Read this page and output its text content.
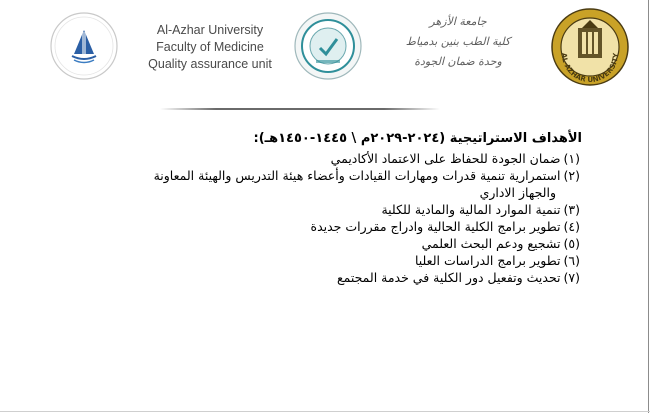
Al-Azhar University
Faculty of Medicine
Quality assurance unit
جامعة الأزهر
كلية الطب بنين بدمياط
وحدة ضمان الجودة	AL-AZHAR UNIVERSITY
الأهداف الاستراتيجية (٢٠٢٤-٢٠٢٩م \ ١٤٤٥-١٤٥٠هـ):
(١)ضمان الجودة للحفاظ على الاعتماد الأكاديمي
(٢)استمرارية تنمية قدرات ومهارات القيادات وأعضاء هيئة التدريس والهيئة المعاونة
والجهاز الاداري
(٣)تنمية الموارد المالية والمادية للكلية
(٤)تطوير برامج الكلية الحالية وادراج مقررات جديدة
(٥)تشجيع ودعم البحث العلمي
(٦)تطوير برامج الدراسات العليا
(٧)تحديث وتفعيل دور الكلية في خدمة المجتمع
